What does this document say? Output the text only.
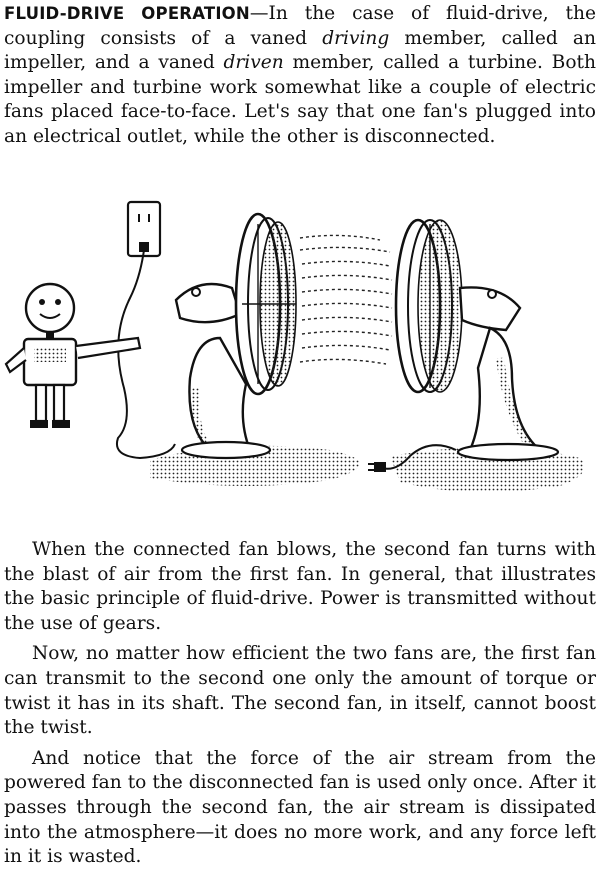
FLUID-DRIVE OPERATION—In the case of fluid-drive, the coupling consists of a vaned driving member, called an impeller, and a vaned driven member, called a turbine. Both impeller and turbine work somewhat like a couple of electric fans placed face-to-face. Let's say that one fan's plugged into an electrical outlet, while the other is disconnected.

When the connected fan blows, the second fan turns with the blast of air from the first fan. In general, that illustrates the basic principle of fluid-drive. Power is transmitted without the use of gears.

Now, no matter how efficient the two fans are, the first fan can transmit to the second one only the amount of torque or twist it has in its shaft. The second fan, in itself, cannot boost the twist.

And notice that the force of the air stream from the powered fan to the disconnected fan is used only once. After it passes through the second fan, the air stream is dissipated into the atmosphere—it does no more work, and any force left in it is wasted.
